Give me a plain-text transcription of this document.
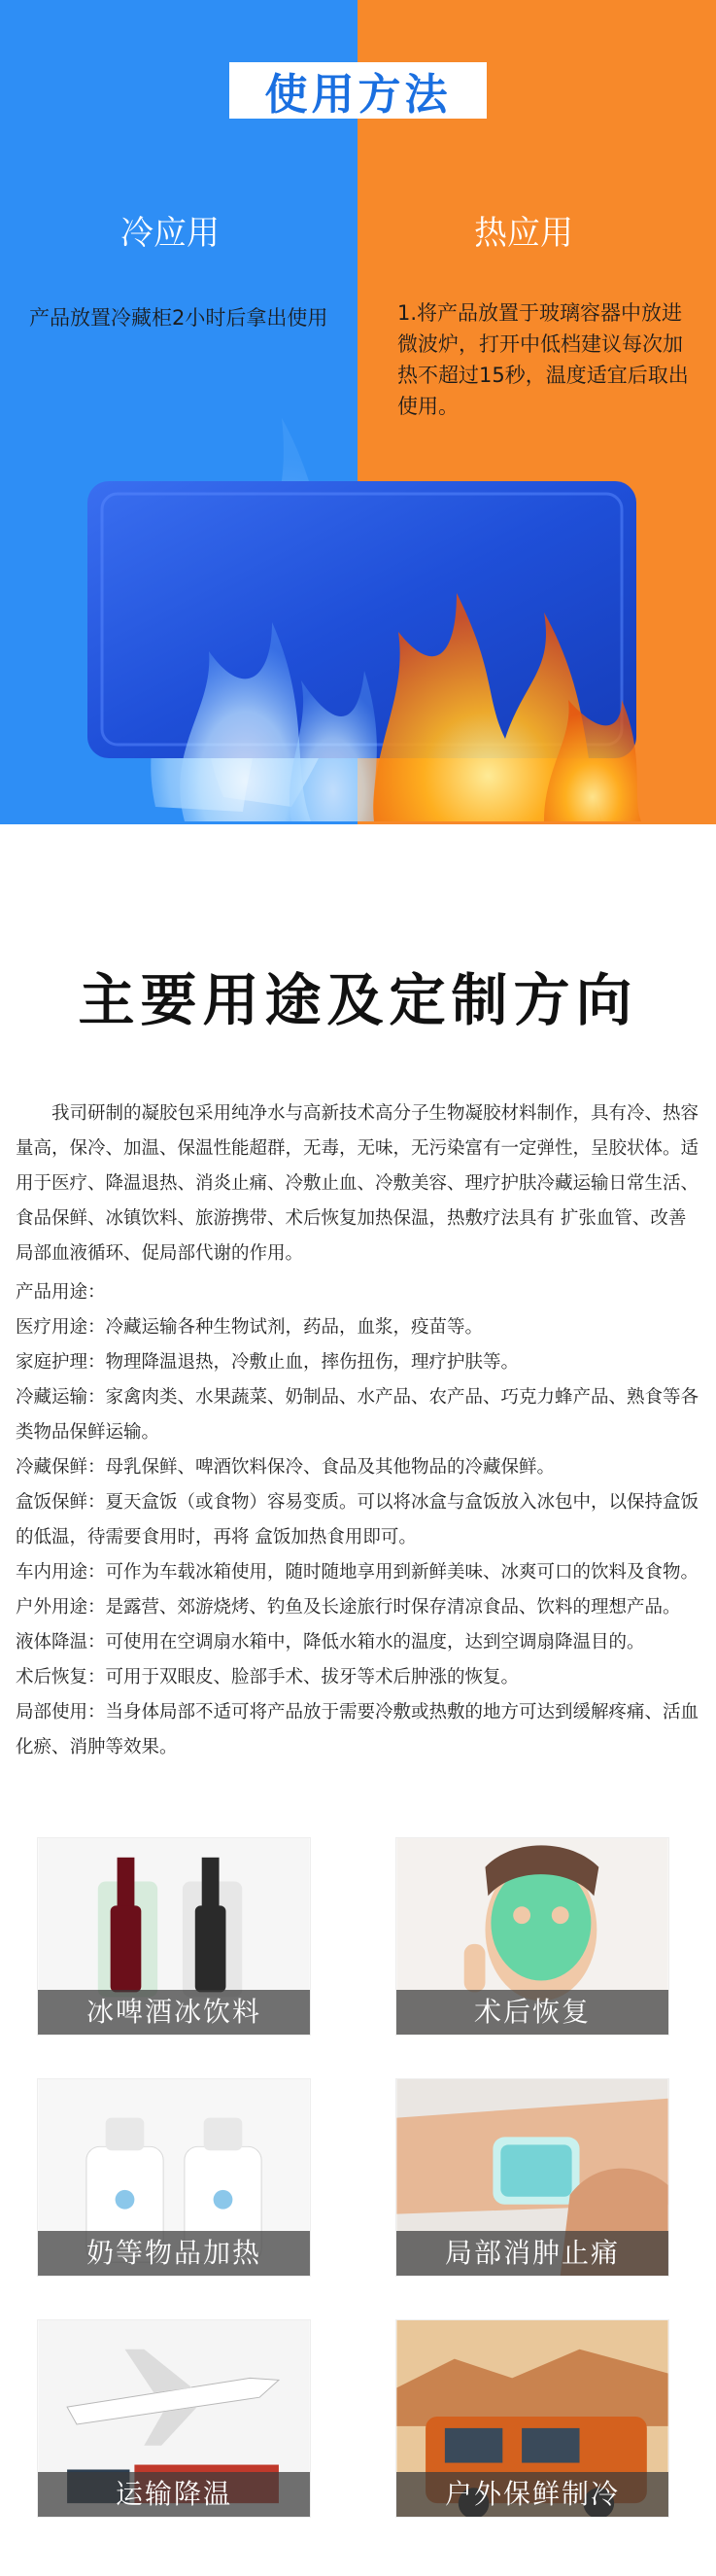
使用方法
冷应用	热应用
产品放置冷藏柜2小时后拿出使用	1.将产品放置于玻璃容器中放进微波炉，打开中低档建议每次加热不超过15秒，温度适宜后取出使用。
主要用途及定制方向

我司研制的凝胶包采用纯净水与高新技术高分子生物凝胶材料制作，具有冷、热容量高，保冷、加温、保温性能超群，无毒，无味，无污染富有一定弹性，呈胶状体。适用于医疗、降温退热、消炎止痛、冷敷止血、冷敷美容、理疗护肤冷藏运输日常生活、食品保鲜、冰镇饮料、旅游携带、术后恢复加热保温，热敷疗法具有 扩张血管、改善局部血液循环、促局部代谢的作用。

产品用途：

医疗用途：冷藏运输各种生物试剂，药品，血浆，疫苗等。

家庭护理：物理降温退热，冷敷止血，摔伤扭伤，理疗护肤等。

冷藏运输：家禽肉类、水果蔬菜、奶制品、水产品、农产品、巧克力蜂产品、熟食等各类物品保鲜运输。

冷藏保鲜：母乳保鲜、啤酒饮料保冷、食品及其他物品的冷藏保鲜。

盒饭保鲜：夏天盒饭（或食物）容易变质。可以将冰盒与盒饭放入冰包中，以保持盒饭的低温，待需要食用时，再将 盒饭加热食用即可。

车内用途：可作为车载冰箱使用，随时随地享用到新鲜美味、冰爽可口的饮料及食物。

户外用途：是露营、郊游烧烤、钓鱼及长途旅行时保存清凉食品、饮料的理想产品。

液体降温：可使用在空调扇水箱中，降低水箱水的温度，达到空调扇降温目的。

术后恢复：可用于双眼皮、脸部手术、拔牙等术后肿涨的恢复。

局部使用：当身体局部不适可将产品放于需要冷敷或热敷的地方可达到缓解疼痛、活血化瘀、消肿等效果。

冰啤酒冰饮料	术后恢复
奶等物品加热	局部消肿止痛
运输降温	户外保鲜制冷
